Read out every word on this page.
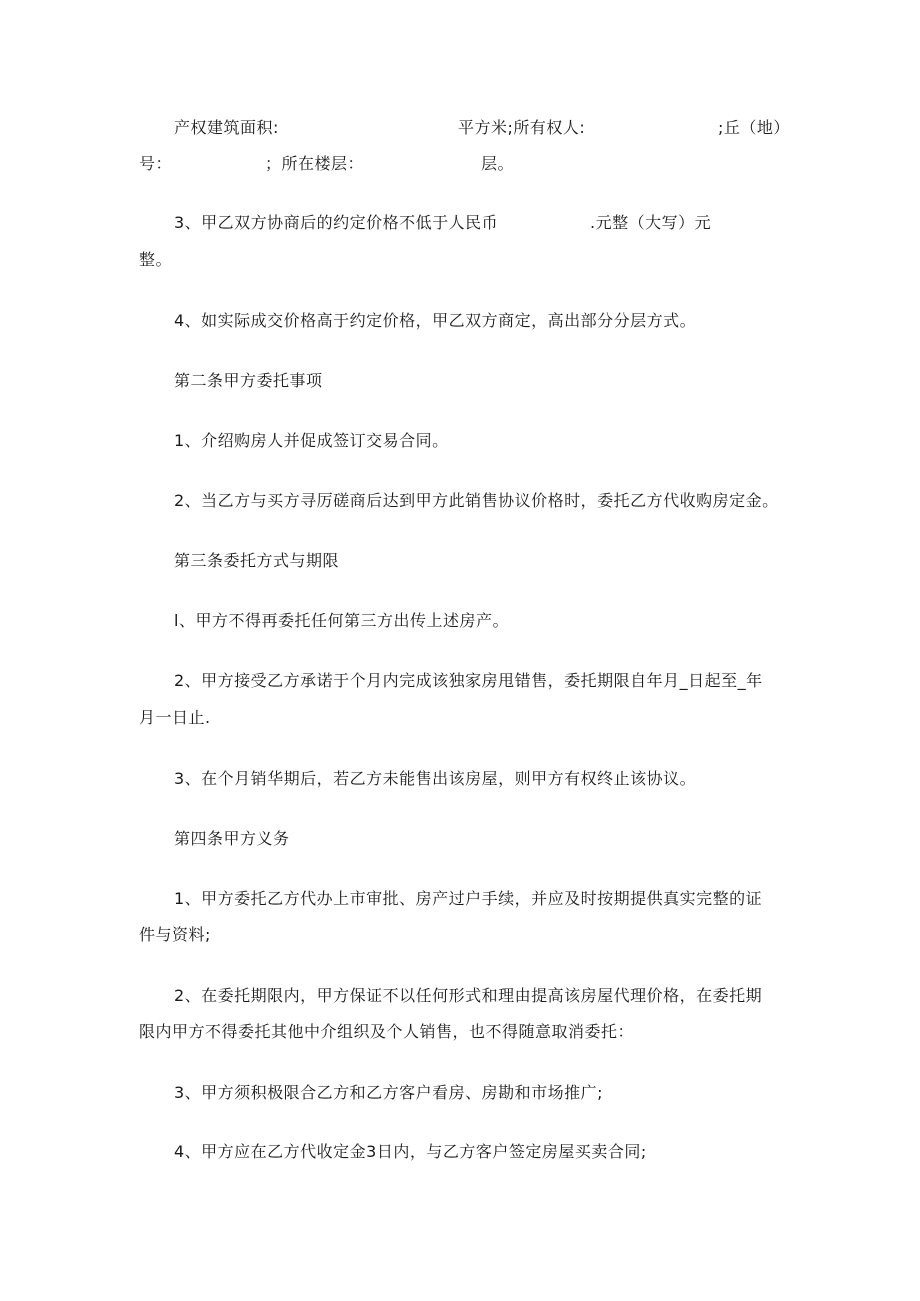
产权建筑面积:	平方米;所有权人:	;丘（地）
号：	；所在楼层：	层。
3、甲乙双方协商后的约定价格不低于人民币	.元整（大写）元
整。
4、如实际成交价格高于约定价格，甲乙双方商定，高出部分分层方式。
第二条甲方委托事项
1、介绍购房人并促成签订交易合同。
2、当乙方与买方寻厉磋商后达到甲方此销售协议价格时，委托乙方代收购房定金。
第三条委托方式与期限
l、甲方不得再委托任何第三方出传上述房产。
2、甲方接受乙方承诺于个月内完成该独家房甩错售，委托期限自年月_日起至_年
月一日止.
3、在个月销华期后，若乙方未能售出该房屋，则甲方有权终止该协议。
第四条甲方义务
1、甲方委托乙方代办上市审批、房产过户手续，并应及时按期提供真实完整的证
件与资料;
2、在委托期限内，甲方保证不以任何形式和理由提高该房屋代理价格，在委托期
限内甲方不得委托其他中介组织及个人销售，也不得随意取消委托：
3、甲方须积极限合乙方和乙方客户看房、房勘和市场推广;
4、甲方应在乙方代收定金3日内，与乙方客户签定房屋买卖合同;
